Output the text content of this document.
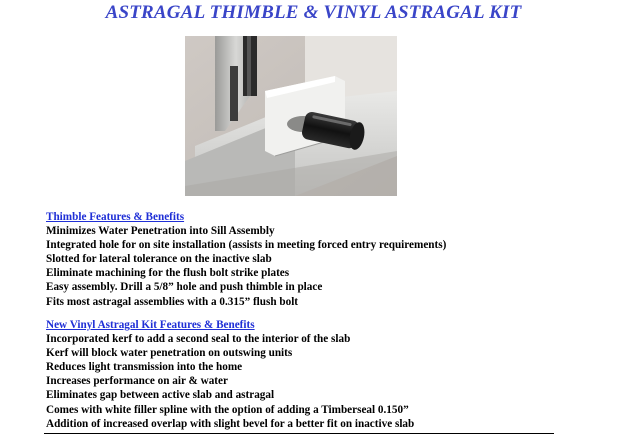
ASTRAGAL THIMBLE & VINYL ASTRAGAL KIT
Thimble Features & Benefits
Minimizes Water Penetration into Sill Assembly
Integrated hole for on site installation (assists in meeting forced entry requirements)
Slotted for lateral tolerance on the inactive slab
Eliminate machining for the flush bolt strike plates
Easy assembly. Drill a 5/8” hole and push thimble in place
Fits most astragal assemblies with a 0.315” flush bolt
New Vinyl Astragal Kit Features & Benefits
Incorporated kerf to add a second seal to the interior of the slab
Kerf will block water penetration on outswing units
Reduces light transmission into the home
Increases performance on air & water
Eliminates gap between active slab and astragal
Comes with white filler spline with the option of adding a Timberseal 0.150”
Addition of increased overlap with slight bevel for a better fit on inactive slab
